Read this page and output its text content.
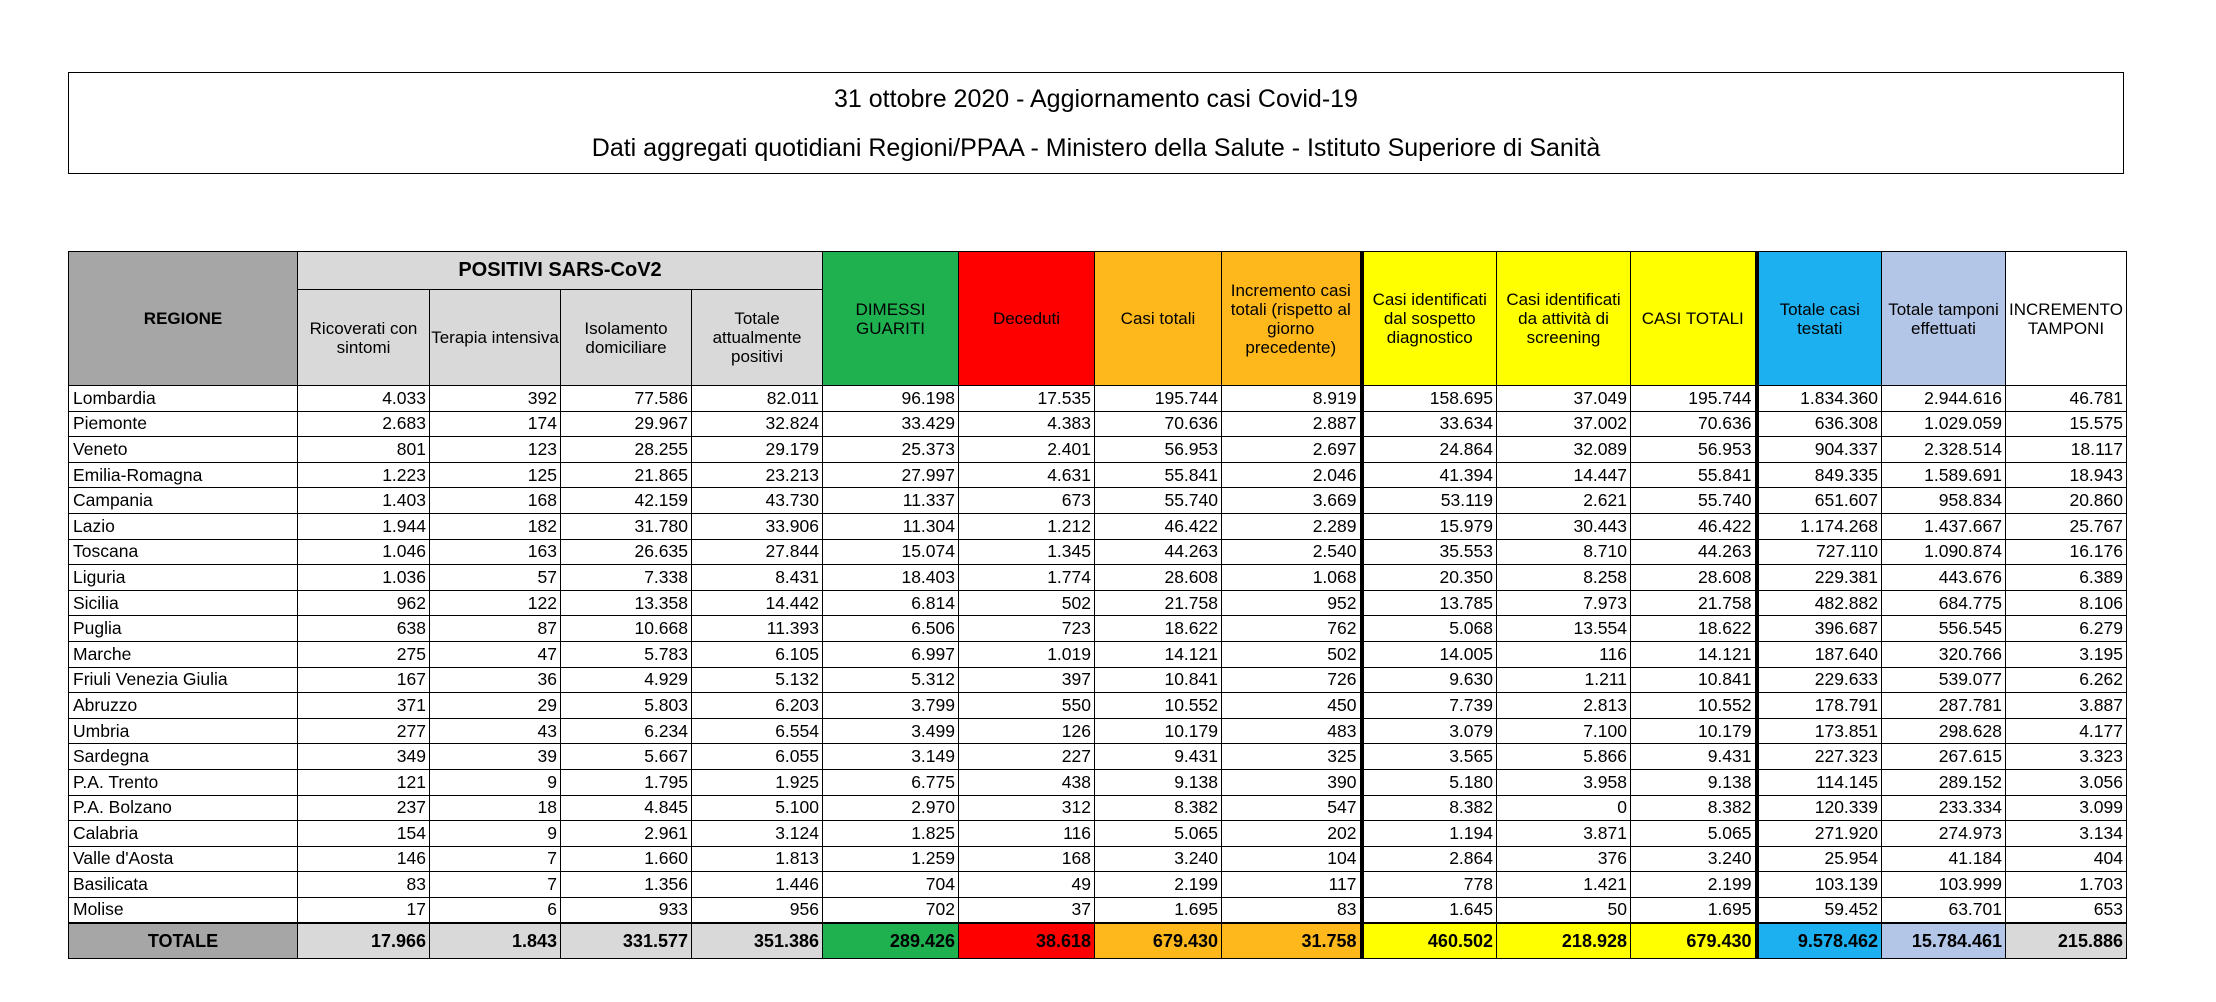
31 ottobre 2020 - Aggiornamento casi Covid-19
Dati aggregati quotidiani Regioni/PPAA - Ministero della Salute - Istituto Superiore di Sanità
REGIONE	POSITIVI SARS-CoV2				DIMESSI GUARITI	Deceduti	Casi totali	Incremento casi totali (rispetto al giorno precedente)	Casi identificati dal sospetto diagnostico	Casi identificati da attività di screening	CASI TOTALI	Totale casi testati	Totale tamponi effettuati	INCREMENTO TAMPONI
	Ricoverati con sintomi	Terapia intensiva	Isolamento domiciliare	Totale attualmente positivi										
Lombardia	4.033	392	77.586	82.011	96.198	17.535	195.744	8.919	158.695	37.049	195.744	1.834.360	2.944.616	46.781
Piemonte	2.683	174	29.967	32.824	33.429	4.383	70.636	2.887	33.634	37.002	70.636	636.308	1.029.059	15.575
Veneto	801	123	28.255	29.179	25.373	2.401	56.953	2.697	24.864	32.089	56.953	904.337	2.328.514	18.117
Emilia-Romagna	1.223	125	21.865	23.213	27.997	4.631	55.841	2.046	41.394	14.447	55.841	849.335	1.589.691	18.943
Campania	1.403	168	42.159	43.730	11.337	673	55.740	3.669	53.119	2.621	55.740	651.607	958.834	20.860
Lazio	1.944	182	31.780	33.906	11.304	1.212	46.422	2.289	15.979	30.443	46.422	1.174.268	1.437.667	25.767
Toscana	1.046	163	26.635	27.844	15.074	1.345	44.263	2.540	35.553	8.710	44.263	727.110	1.090.874	16.176
Liguria	1.036	57	7.338	8.431	18.403	1.774	28.608	1.068	20.350	8.258	28.608	229.381	443.676	6.389
Sicilia	962	122	13.358	14.442	6.814	502	21.758	952	13.785	7.973	21.758	482.882	684.775	8.106
Puglia	638	87	10.668	11.393	6.506	723	18.622	762	5.068	13.554	18.622	396.687	556.545	6.279
Marche	275	47	5.783	6.105	6.997	1.019	14.121	502	14.005	116	14.121	187.640	320.766	3.195
Friuli Venezia Giulia	167	36	4.929	5.132	5.312	397	10.841	726	9.630	1.211	10.841	229.633	539.077	6.262
Abruzzo	371	29	5.803	6.203	3.799	550	10.552	450	7.739	2.813	10.552	178.791	287.781	3.887
Umbria	277	43	6.234	6.554	3.499	126	10.179	483	3.079	7.100	10.179	173.851	298.628	4.177
Sardegna	349	39	5.667	6.055	3.149	227	9.431	325	3.565	5.866	9.431	227.323	267.615	3.323
P.A. Trento	121	9	1.795	1.925	6.775	438	9.138	390	5.180	3.958	9.138	114.145	289.152	3.056
P.A. Bolzano	237	18	4.845	5.100	2.970	312	8.382	547	8.382	0	8.382	120.339	233.334	3.099
Calabria	154	9	2.961	3.124	1.825	116	5.065	202	1.194	3.871	5.065	271.920	274.973	3.134
Valle d'Aosta	146	7	1.660	1.813	1.259	168	3.240	104	2.864	376	3.240	25.954	41.184	404
Basilicata	83	7	1.356	1.446	704	49	2.199	117	778	1.421	2.199	103.139	103.999	1.703
Molise	17	6	933	956	702	37	1.695	83	1.645	50	1.695	59.452	63.701	653
TOTALE	17.966	1.843	331.577	351.386	289.426	38.618	679.430	31.758	460.502	218.928	679.430	9.578.462	15.784.461	215.886
